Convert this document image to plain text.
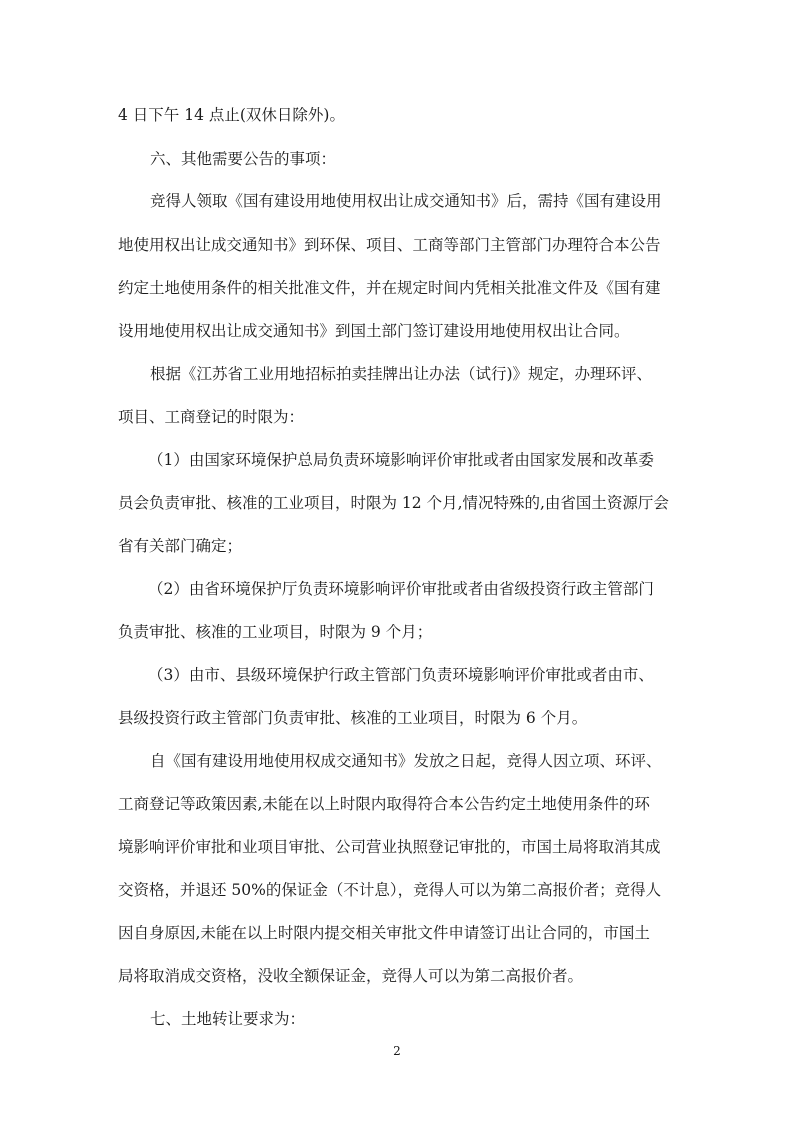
4 日下午 14 点止(双休日除外)。
六、其他需要公告的事项：
竞得人领取《国有建设用地使用权出让成交通知书》后，需持《国有建设用
地使用权出让成交通知书》到环保、项目、工商等部门主管部门办理符合本公告
约定土地使用条件的相关批准文件，并在规定时间内凭相关批准文件及《国有建
设用地使用权出让成交通知书》到国土部门签订建设用地使用权出让合同。
根据《江苏省工业用地招标拍卖挂牌出让办法（试行)》规定，办理环评、
项目、工商登记的时限为：
（1）由国家环境保护总局负责环境影响评价审批或者由国家发展和改革委
员会负责审批、核准的工业项目，时限为 12 个月,情况特殊的,由省国土资源厅会
省有关部门确定；
（2）由省环境保护厅负责环境影响评价审批或者由省级投资行政主管部门
负责审批、核准的工业项目，时限为 9 个月；
（3）由市、县级环境保护行政主管部门负责环境影响评价审批或者由市、
县级投资行政主管部门负责审批、核准的工业项目，时限为 6 个月。
自《国有建设用地使用权成交通知书》发放之日起，竞得人因立项、环评、
工商登记等政策因素,未能在以上时限内取得符合本公告约定土地使用条件的环
境影响评价审批和业项目审批、公司营业执照登记审批的，市国土局将取消其成
交资格，并退还 50%的保证金（不计息），竞得人可以为第二高报价者；竞得人
因自身原因,未能在以上时限内提交相关审批文件申请签订出让合同的，市国土
局将取消成交资格，没收全额保证金，竞得人可以为第二高报价者。
七、土地转让要求为：
2
